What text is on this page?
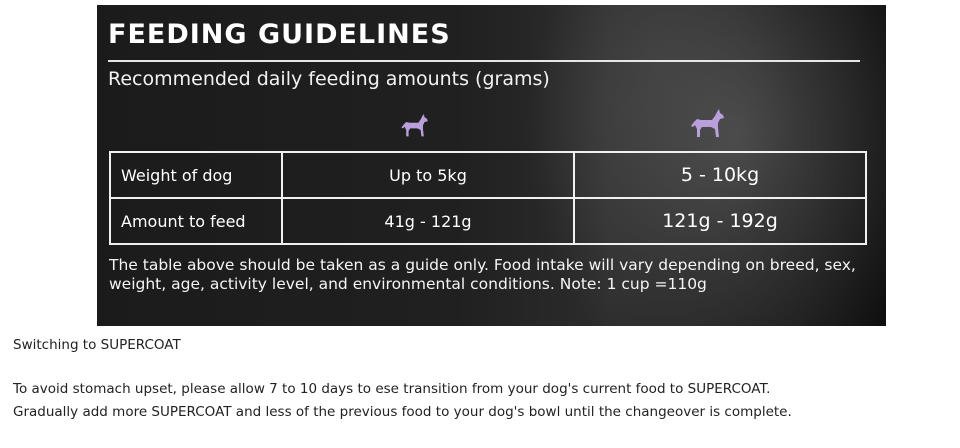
FEEDING GUIDELINES
Recommended daily feeding amounts (grams)
Weight of dog	Up to 5kg	5 - 10kg
Amount to feed	41g - 121g	121g - 192g

The table above should be taken as a guide only. Food intake will vary depending on breed, sex, weight, age, activity level, and environmental conditions. Note: 1 cup =110g

Switching to SUPERCOAT

To avoid stomach upset, please allow 7 to 10 days to ese transition from your dog's current food to SUPERCOAT.

Gradually add more SUPERCOAT and less of the previous food to your dog's bowl until the changeover is complete.
